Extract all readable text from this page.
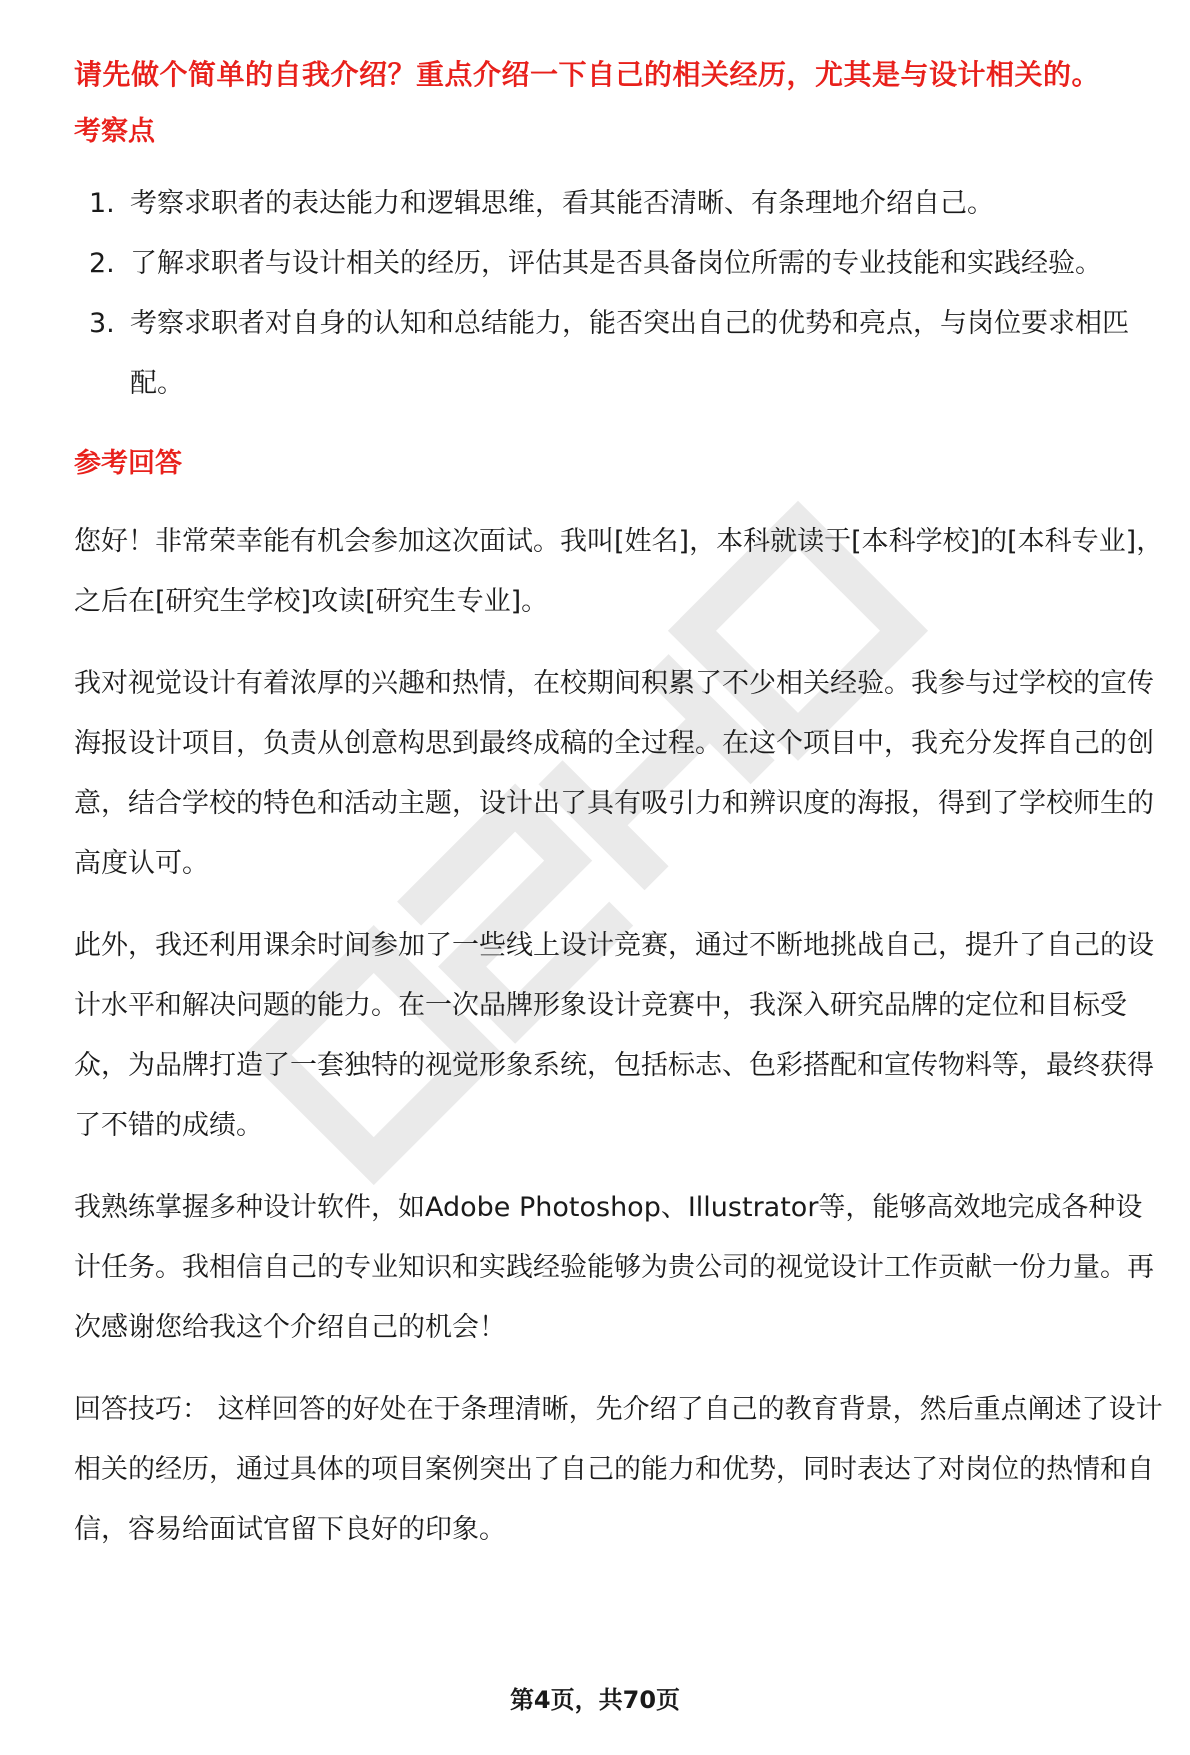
请先做个简单的自我介绍？重点介绍一下自己的相关经历，尤其是与设计相关的。
考察点
1. 考察求职者的表达能力和逻辑思维，看其能否清晰、有条理地介绍自己。
2. 了解求职者与设计相关的经历，评估其是否具备岗位所需的专业技能和实践经验。
3. 考察求职者对自身的认知和总结能力，能否突出自己的优势和亮点，与岗位要求相匹配。
参考回答

您好！非常荣幸能有机会参加这次面试。我叫[姓名]，本科就读于[本科学校]的[本科专业]，之后在[研究生学校]攻读[研究生专业]。

我对视觉设计有着浓厚的兴趣和热情，在校期间积累了不少相关经验。我参与过学校的宣传海报设计项目，负责从创意构思到最终成稿的全过程。在这个项目中，我充分发挥自己的创意，结合学校的特色和活动主题，设计出了具有吸引力和辨识度的海报，得到了学校师生的高度认可。

此外，我还利用课余时间参加了一些线上设计竞赛，通过不断地挑战自己，提升了自己的设计水平和解决问题的能力。在一次品牌形象设计竞赛中，我深入研究品牌的定位和目标受众，为品牌打造了一套独特的视觉形象系统，包括标志、色彩搭配和宣传物料等，最终获得了不错的成绩。

我熟练掌握多种设计软件，如Adobe Photoshop、Illustrator等，能够高效地完成各种设计任务。我相信自己的专业知识和实践经验能够为贵公司的视觉设计工作贡献一份力量。再次感谢您给我这个介绍自己的机会！

回答技巧： 这样回答的好处在于条理清晰，先介绍了自己的教育背景，然后重点阐述了设计相关的经历，通过具体的项目案例突出了自己的能力和优势，同时表达了对岗位的热情和自信，容易给面试官留下良好的印象。

第4页，共70页
